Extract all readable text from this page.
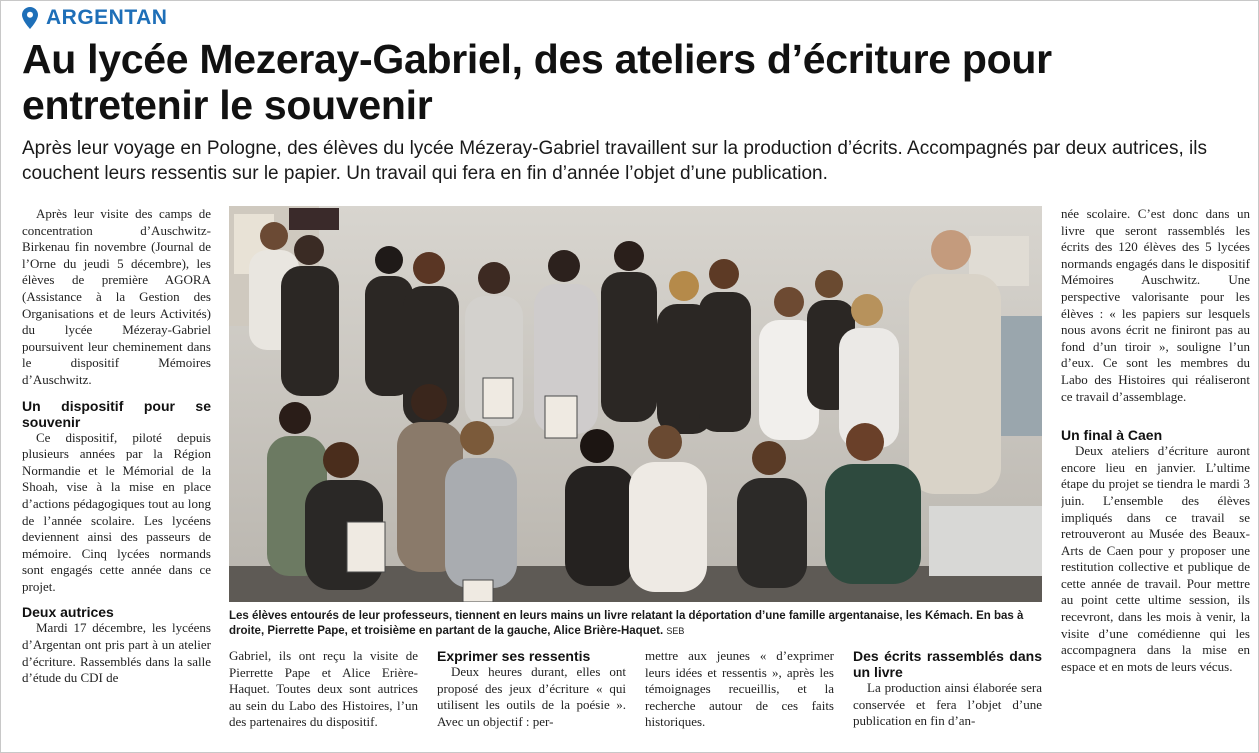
ARGENTAN
Au lycée Mezeray-Gabriel, des ateliers d’écriture pour entretenir le souvenir

Après leur voyage en Pologne, des élèves du lycée Mézeray-Gabriel travaillent sur la production d’écrits. Accompagnés par deux autrices, ils couchent leurs ressentis sur le papier. Un travail qui fera en fin d’année l’objet d’une publication.

Après leur visite des camps de concentration d’Auschwitz-Birkenau fin novembre (Journal de l’Orne du jeudi 5 décembre), les élèves de première AGORA (Assistance à la Gestion des Organisations et de leurs Activités) du lycée Mézeray-Gabriel poursuivent leur cheminement dans le dispositif Mémoires d’Auschwitz.

Un dispositif pour se souvenir

Ce dispositif, piloté depuis plusieurs années par la Région Normandie et le Mémorial de la Shoah, vise à la mise en place d’actions pédagogiques tout au long de l’année scolaire. Les lycéens deviennent ainsi des passeurs de mémoire. Cinq lycées normands sont engagés cette année dans ce projet.

Deux autrices

Mardi 17 décembre, les lycéens d’Argentan ont pris part à un atelier d’écriture. Rassemblés dans la salle d’étude du CDI de

Les élèves entourés de leur professeurs, tiennent en leurs mains un livre relatant la déportation d’une famille argentanaise, les Kémach. En bas à droite, Pierrette Pape, et troisième en partant de la gauche, Alice Brière-Haquet. SEB

Gabriel, ils ont reçu la visite de Pierrette Pape et Alice Erière-Haquet. Toutes deux sont autrices au sein du Labo des Histoires, l’un des partenaires du dispositif.

Exprimer ses ressentis

Deux heures durant, elles ont proposé des jeux d’écriture « qui utilisent les outils de la poésie ». Avec un objectif : per-

mettre aux jeunes « d’exprimer leurs idées et ressentis », après les témoignages recueillis, et la recherche autour de ces faits historiques.

Des écrits rassemblés dans un livre

La production ainsi élaborée sera conservée et fera l’objet d’une publication en fin d’an-

née scolaire. C’est donc dans un livre que seront rassemblés les écrits des 120 élèves des 5 lycées normands engagés dans le dispositif Mémoires Auschwitz. Une perspective valorisante pour les élèves : « les papiers sur lesquels nous avons écrit ne finiront pas au fond d’un tiroir », souligne l’un d’eux. Ce sont les membres du Labo des Histoires qui réaliseront ce travail d’assemblage.

Un final à Caen

Deux ateliers d’écriture auront encore lieu en janvier. L’ultime étape du projet se tiendra le mardi 3 juin. L’ensemble des élèves impliqués dans ce travail se retrouveront au Musée des Beaux-Arts de Caen pour y proposer une restitution collective et publique de cette année de travail. Pour mettre au point cette ultime session, ils recevront, dans les mois à venir, la visite d’une comédienne qui les accompagnera dans la mise en espace et en mots de leurs vécus.
